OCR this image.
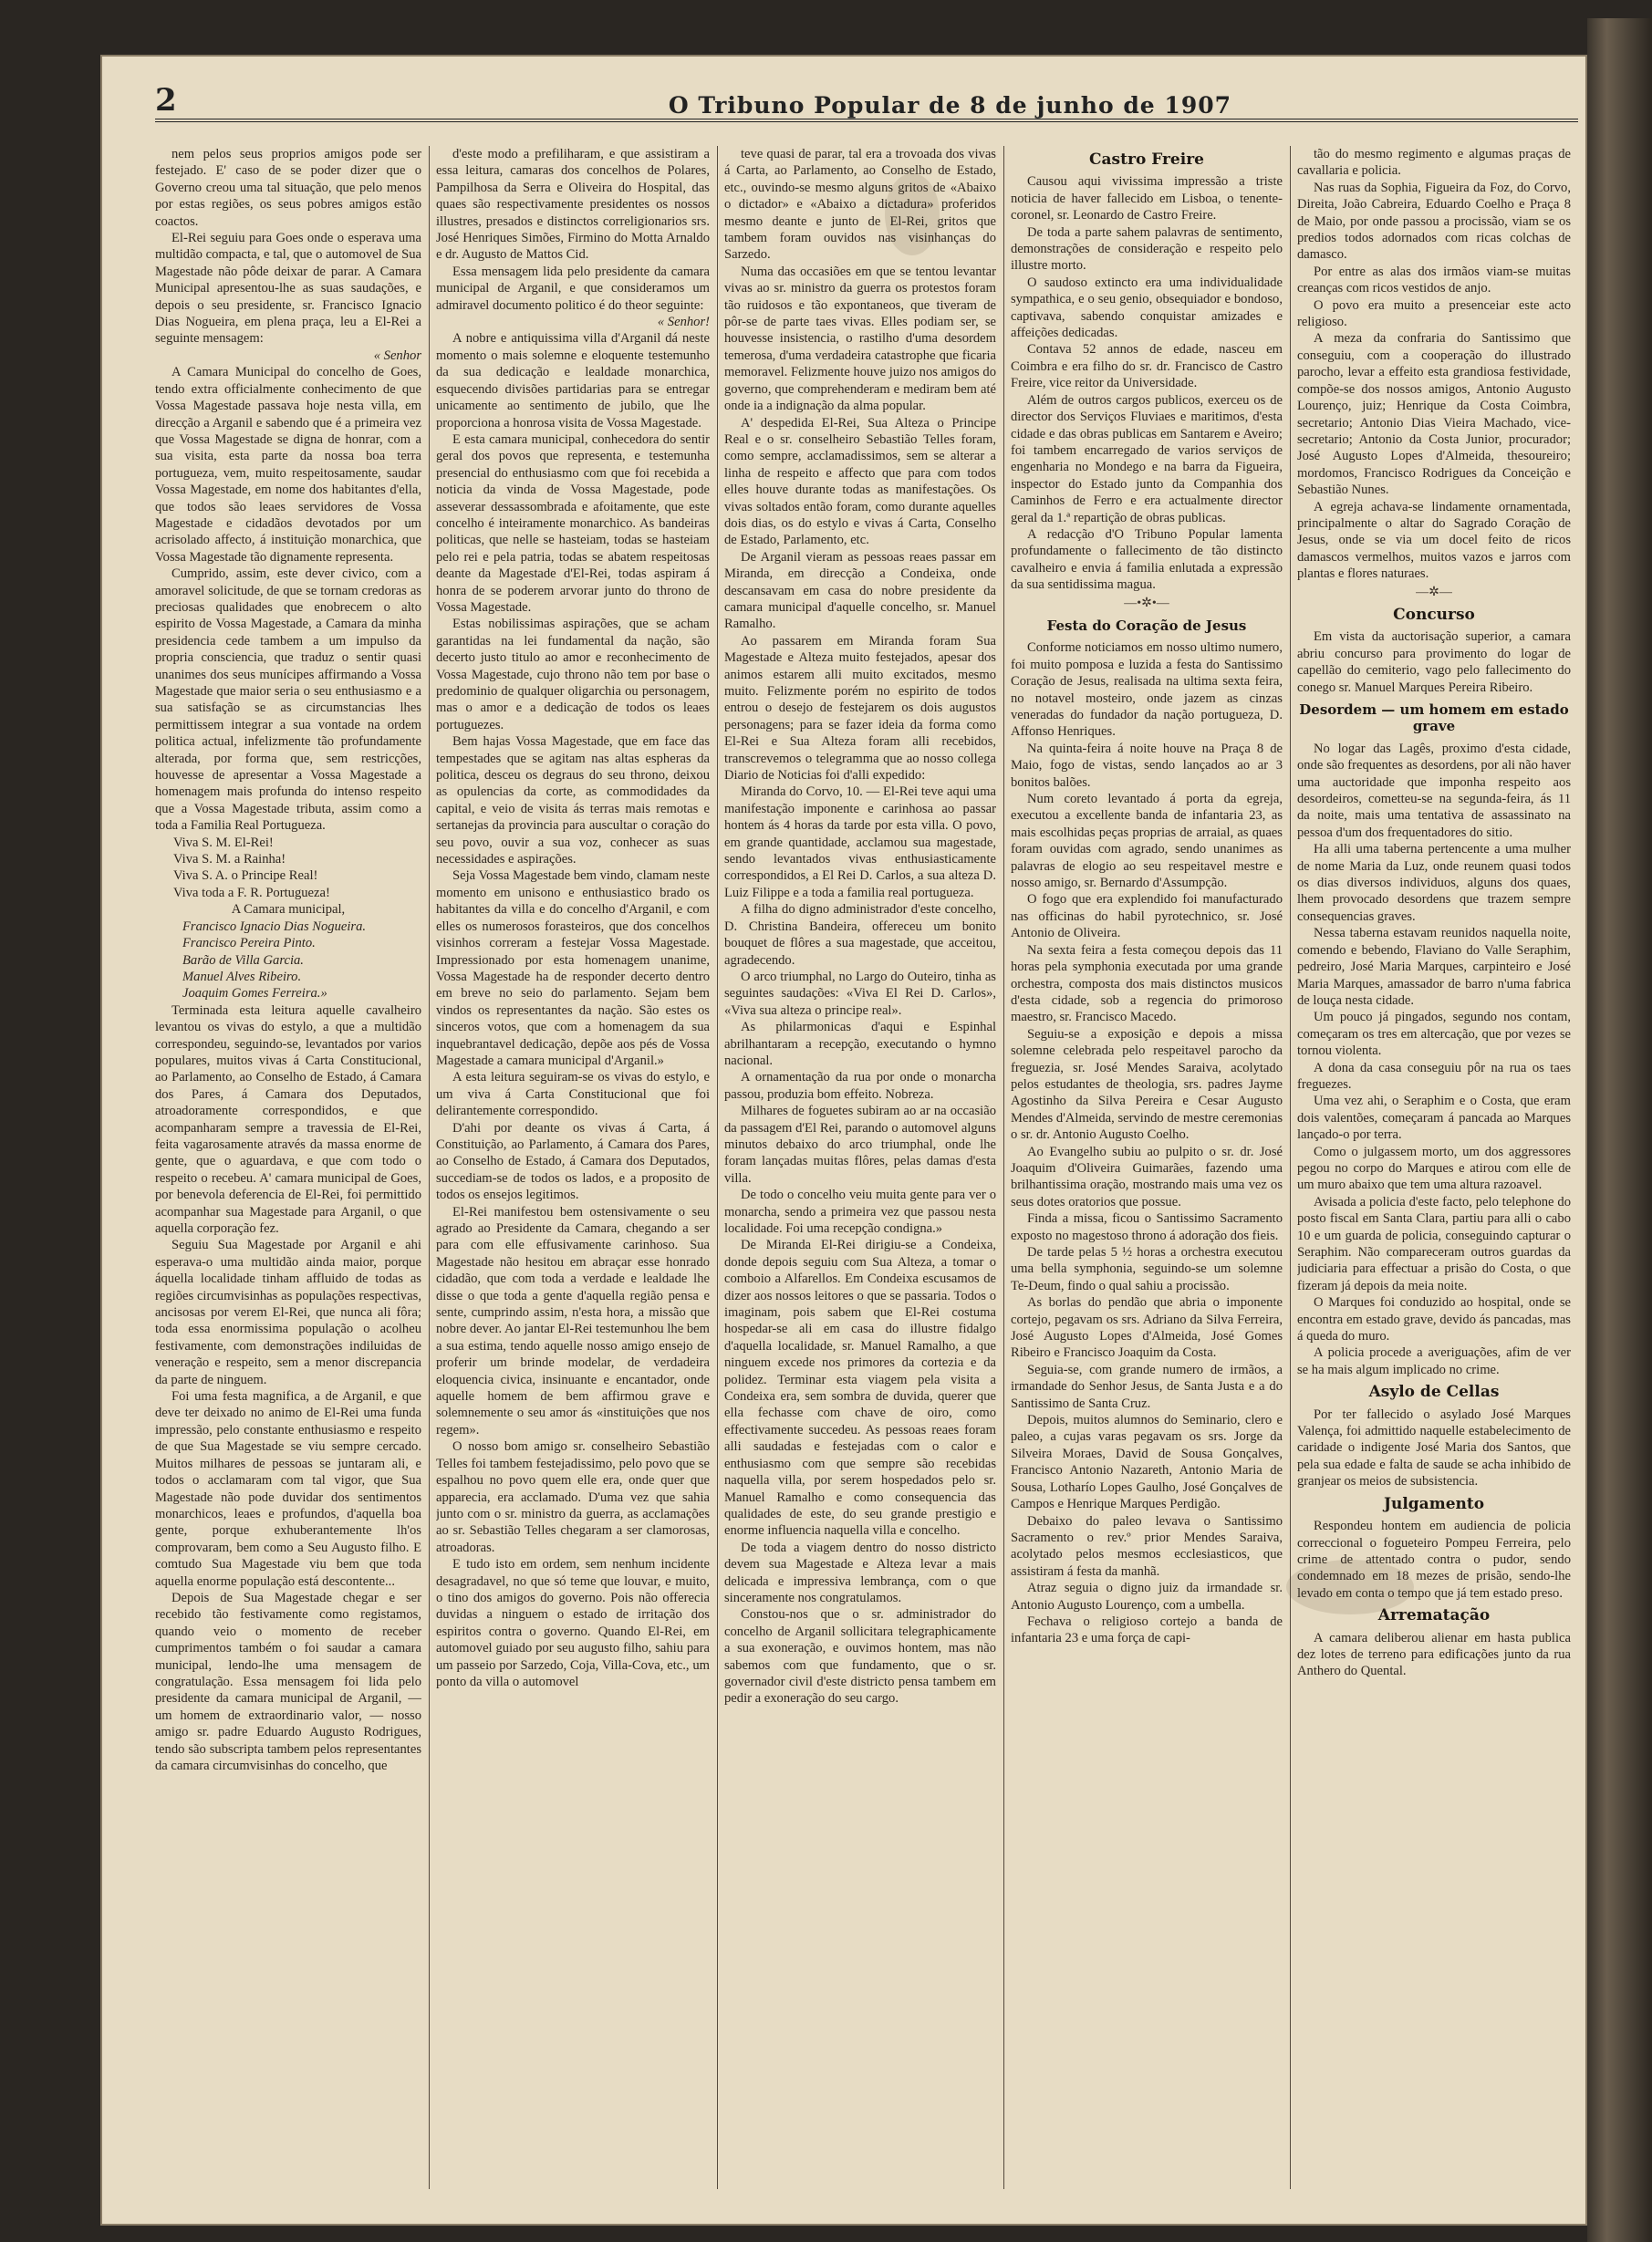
2	O Tribuno Popular de 8 de junho de 1907

nem pelos seus proprios amigos pode ser festejado. E' caso de se poder dizer que o Governo creou uma tal situação, que pelo menos por estas regiões, os seus pobres amigos estão coactos.

El-Rei seguiu para Goes onde o esperava uma multidão compacta, e tal, que o automovel de Sua Magestade não pôde deixar de parar. A Camara Municipal apresentou-lhe as suas saudações, e depois o seu presidente, sr. Francisco Ignacio Dias Nogueira, em plena praça, leu a El-Rei a seguinte mensagem:

« Senhor

A Camara Municipal do concelho de Goes, tendo extra officialmente conhecimento de que Vossa Magestade passava hoje nesta villa, em direcção a Arganil e sabendo que é a primeira vez que Vossa Magestade se digna de honrar, com a sua visita, esta parte da nossa boa terra portugueza, vem, muito respeitosamente, saudar Vossa Magestade, em nome dos habitantes d'ella, que todos são leaes servidores de Vossa Magestade e cidadãos devotados por um acrisolado affecto, á instituição monarchica, que Vossa Magestade tão dignamente representa.

Cumprido, assim, este dever civico, com a amoravel solicitude, de que se tornam credoras as preciosas qualidades que enobrecem o alto espirito de Vossa Magestade, a Camara da minha presidencia cede tambem a um impulso da propria consciencia, que traduz o sentir quasi unanimes dos seus munícipes affirmando a Vossa Magestade que maior seria o seu enthusiasmo e a sua satisfação se as circumstancias lhes permittissem integrar a sua vontade na ordem politica actual, infelizmente tão profundamente alterada, por forma que, sem restricções, houvesse de apresentar a Vossa Magestade a homenagem mais profunda do intenso respeito que a Vossa Magestade tributa, assim como a toda a Familia Real Portugueza.

Viva S. M. El-Rei!

Viva S. M. a Rainha!

Viva S. A. o Principe Real!

Viva toda a F. R. Portugueza!

A Camara municipal,

Francisco Ignacio Dias Nogueira.

Francisco Pereira Pinto.

Barão de Villa Garcia.

Manuel Alves Ribeiro.

Joaquim Gomes Ferreira.»

Terminada esta leitura aquelle cavalheiro levantou os vivas do estylo, a que a multidão correspondeu, seguindo-se, levantados por varios populares, muitos vivas á Carta Constitucional, ao Parlamento, ao Conselho de Estado, á Camara dos Pares, á Camara dos Deputados, atroadoramente correspondidos, e que acompanharam sempre a travessia de El-Rei, feita vagarosamente através da massa enorme de gente, que o aguardava, e que com todo o respeito o recebeu. A' camara municipal de Goes, por benevola deferencia de El-Rei, foi permittido acompanhar sua Magestade para Arganil, o que aquella corporação fez.

Seguiu Sua Magestade por Arganil e ahi esperava-o uma multidão ainda maior, porque áquella localidade tinham affluido de todas as regiões circumvisinhas as populações respectivas, ancisosas por verem El-Rei, que nunca ali fôra; toda essa enormissima população o acolheu festivamente, com demonstrações indiluidas de veneração e respeito, sem a menor discrepancia da parte de ninguem.

Foi uma festa magnifica, a de Arganil, e que deve ter deixado no animo de El-Rei uma funda impressão, pelo constante enthusiasmo e respeito de que Sua Magestade se viu sempre cercado. Muitos milhares de pessoas se juntaram ali, e todos o acclamaram com tal vigor, que Sua Magestade não pode duvidar dos sentimentos monarchicos, leaes e profundos, d'aquella boa gente, porque exhuberantemente lh'os comprovaram, bem como a Seu Augusto filho. E comtudo Sua Magestade viu bem que toda aquella enorme população está descontente...

Depois de Sua Magestade chegar e ser recebido tão festivamente como registamos, quando veio o momento de receber cumprimentos também o foi saudar a camara municipal, lendo-lhe uma mensagem de congratulação. Essa mensagem foi lida pelo presidente da camara municipal de Arganil, — um homem de extraordinario valor, — nosso amigo sr. padre Eduardo Augusto Rodrigues, tendo são subscripta tambem pelos representantes da camara circumvisinhas do concelho, que

d'este modo a prefiliharam, e que assistiram a essa leitura, camaras dos concelhos de Polares, Pampilhosa da Serra e Oliveira do Hospital, das quaes são respectivamente presidentes os nossos illustres, presados e distinctos correligionarios srs. José Henriques Simões, Firmino do Motta Arnaldo e dr. Augusto de Mattos Cid.

Essa mensagem lida pelo presidente da camara municipal de Arganil, e que consideramos um admiravel documento politico é do theor seguinte:

« Senhor!

A nobre e antiquissima villa d'Arganil dá neste momento o mais solemne e eloquente testemunho da sua dedicação e lealdade monarchica, esquecendo divisões partidarias para se entregar unicamente ao sentimento de jubilo, que lhe proporciona a honrosa visita de Vossa Magestade.

E esta camara municipal, conhecedora do sentir geral dos povos que representa, e testemunha presencial do enthusiasmo com que foi recebida a noticia da vinda de Vossa Magestade, pode asseverar dessassombrada e afoitamente, que este concelho é inteiramente monarchico. As bandeiras politicas, que nelle se hasteiam, todas se hasteiam pelo rei e pela patria, todas se abatem respeitosas deante da Magestade d'El-Rei, todas aspiram á honra de se poderem arvorar junto do throno de Vossa Magestade.

Estas nobilissimas aspirações, que se acham garantidas na lei fundamental da nação, são decerto justo titulo ao amor e reconhecimento de Vossa Magestade, cujo throno não tem por base o predominio de qualquer oligarchia ou personagem, mas o amor e a dedicação de todos os leaes portuguezes.

Bem hajas Vossa Magestade, que em face das tempestades que se agitam nas altas espheras da politica, desceu os degraus do seu throno, deixou as opulencias da corte, as commodidades da capital, e veio de visita ás terras mais remotas e sertanejas da provincia para auscultar o coração do seu povo, ouvir a sua voz, conhecer as suas necessidades e aspirações.

Seja Vossa Magestade bem vindo, clamam neste momento em unisono e enthusiastico brado os habitantes da villa e do concelho d'Arganil, e com elles os numerosos forasteiros, que dos concelhos visinhos correram a festejar Vossa Magestade. Impressionado por esta homenagem unanime, Vossa Magestade ha de responder decerto dentro em breve no seio do parlamento. Sejam bem vindos os representantes da nação. São estes os sinceros votos, que com a homenagem da sua inquebrantavel dedicação, depõe aos pés de Vossa Magestade a camara municipal d'Arganil.»

A esta leitura seguiram-se os vivas do estylo, e um viva á Carta Constitucional que foi delirantemente correspondido.

D'ahi por deante os vivas á Carta, á Constituição, ao Parlamento, á Camara dos Pares, ao Conselho de Estado, á Camara dos Deputados, succediam-se de todos os lados, e a proposito de todos os ensejos legitimos.

El-Rei manifestou bem ostensivamente o seu agrado ao Presidente da Camara, chegando a ser para com elle effusivamente carinhoso. Sua Magestade não hesitou em abraçar esse honrado cidadão, que com toda a verdade e lealdade lhe disse o que toda a gente d'aquella região pensa e sente, cumprindo assim, n'esta hora, a missão que nobre dever. Ao jantar El-Rei testemunhou lhe bem a sua estima, tendo aquelle nosso amigo ensejo de proferir um brinde modelar, de verdadeira eloquencia civica, insinuante e encantador, onde aquelle homem de bem affirmou grave e solemnemente o seu amor ás «instituições que nos regem».

O nosso bom amigo sr. conselheiro Sebastião Telles foi tambem festejadissimo, pelo povo que se espalhou no povo quem elle era, onde quer que apparecia, era acclamado. D'uma vez que sahia junto com o sr. ministro da guerra, as acclamações ao sr. Sebastião Telles chegaram a ser clamorosas, atroadoras.

E tudo isto em ordem, sem nenhum incidente desagradavel, no que só teme que louvar, e muito, o tino dos amigos do governo. Pois não offerecia duvidas a ninguem o estado de irritação dos espiritos contra o governo. Quando El-Rei, em automovel guiado por seu augusto filho, sahiu para um passeio por Sarzedo, Coja, Villa-Cova, etc., um ponto da villa o automovel

teve quasi de parar, tal era a trovoada dos vivas á Carta, ao Parlamento, ao Conselho de Estado, etc., ouvindo-se mesmo alguns gritos de «Abaixo o dictador» e «Abaixo a dictadura» proferidos mesmo deante e junto de El-Rei, gritos que tambem foram ouvidos nas visinhanças do Sarzedo.

Numa das occasiões em que se tentou levantar vivas ao sr. ministro da guerra os protestos foram tão ruidosos e tão expontaneos, que tiveram de pôr-se de parte taes vivas. Elles podiam ser, se houvesse insistencia, o rastilho d'uma desordem temerosa, d'uma verdadeira catastrophe que ficaria memoravel. Felizmente houve juizo nos amigos do governo, que comprehenderam e mediram bem até onde ia a indignação da alma popular.

A' despedida El-Rei, Sua Alteza o Principe Real e o sr. conselheiro Sebastião Telles foram, como sempre, acclamadissimos, sem se alterar a linha de respeito e affecto que para com todos elles houve durante todas as manifestações. Os vivas soltados então foram, como durante aquelles dois dias, os do estylo e vivas á Carta, Conselho de Estado, Parlamento, etc.

De Arganil vieram as pessoas reaes passar em Miranda, em direcção a Condeixa, onde descansavam em casa do nobre presidente da camara municipal d'aquelle concelho, sr. Manuel Ramalho.

Ao passarem em Miranda foram Sua Magestade e Alteza muito festejados, apesar dos animos estarem alli muito excitados, mesmo muito. Felizmente porém no espirito de todos entrou o desejo de festejarem os dois augustos personagens; para se fazer ideia da forma como El-Rei e Sua Alteza foram alli recebidos, transcrevemos o telegramma que ao nosso collega Diario de Noticias foi d'alli expedido:

Miranda do Corvo, 10. — El-Rei teve aqui uma manifestação imponente e carinhosa ao passar hontem ás 4 horas da tarde por esta villa. O povo, em grande quantidade, acclamou sua magestade, sendo levantados vivas enthusiasticamente correspondidos, a El Rei D. Carlos, a sua alteza D. Luiz Filippe e a toda a familia real portugueza.

A filha do digno administrador d'este concelho, D. Christina Bandeira, offereceu um bonito bouquet de flôres a sua magestade, que acceitou, agradecendo.

O arco triumphal, no Largo do Outeiro, tinha as seguintes saudações: «Viva El Rei D. Carlos», «Viva sua alteza o principe real».

As philarmonicas d'aqui e Espinhal abrilhantaram a recepção, executando o hymno nacional.

A ornamentação da rua por onde o monarcha passou, produzia bom effeito. Nobreza.

Milhares de foguetes subiram ao ar na occasião da passagem d'El Rei, parando o automovel alguns minutos debaixo do arco triumphal, onde lhe foram lançadas muitas flôres, pelas damas d'esta villa.

De todo o concelho veiu muita gente para ver o monarcha, sendo a primeira vez que passou nesta localidade. Foi uma recepção condigna.»

De Miranda El-Rei dirigiu-se a Condeixa, donde depois seguiu com Sua Alteza, a tomar o comboio a Alfarellos. Em Condeixa escusamos de dizer aos nossos leitores o que se passaria. Todos o imaginam, pois sabem que El-Rei costuma hospedar-se ali em casa do illustre fidalgo d'aquella localidade, sr. Manuel Ramalho, a que ninguem excede nos primores da cortezia e da polidez. Terminar esta viagem pela visita a Condeixa era, sem sombra de duvida, querer que ella fechasse com chave de oiro, como effectivamente succedeu. As pessoas reaes foram alli saudadas e festejadas com o calor e enthusiasmo com que sempre são recebidas naquella villa, por serem hospedados pelo sr. Manuel Ramalho e como consequencia das qualidades de este, do seu grande prestigio e enorme influencia naquella villa e concelho.

De toda a viagem dentro do nosso districto devem sua Magestade e Alteza levar a mais delicada e impressiva lembrança, com o que sinceramente nos congratulamos.

Constou-nos que o sr. administrador do concelho de Arganil sollicitara telegraphicamente a sua exoneração, e ouvimos hontem, mas não sabemos com que fundamento, que o sr. governador civil d'este districto pensa tambem em pedir a exoneração do seu cargo.

Castro Freire

Causou aqui vivissima impressão a triste noticia de haver fallecido em Lisboa, o tenente-coronel, sr. Leonardo de Castro Freire.

De toda a parte sahem palavras de sentimento, demonstrações de consideração e respeito pelo illustre morto.

O saudoso extincto era uma individualidade sympathica, e o seu genio, obsequiador e bondoso, captivava, sabendo conquistar amizades e affeições dedicadas.

Contava 52 annos de edade, nasceu em Coimbra e era filho do sr. dr. Francisco de Castro Freire, vice reitor da Universidade.

Além de outros cargos publicos, exerceu os de director dos Serviços Fluviaes e maritimos, d'esta cidade e das obras publicas em Santarem e Aveiro; foi tambem encarregado de varios serviços de engenharia no Mondego e na barra da Figueira, inspector do Estado junto da Companhia dos Caminhos de Ferro e era actualmente director geral da 1.ª repartição de obras publicas.

A redacção d'O Tribuno Popular lamenta profundamente o fallecimento de tão distincto cavalheiro e envia á familia enlutada a expressão da sua sentidissima magua.

—•✲•—
Festa do Coração de Jesus

Conforme noticiamos em nosso ultimo numero, foi muito pomposa e luzida a festa do Santissimo Coração de Jesus, realisada na ultima sexta feira, no notavel mosteiro, onde jazem as cinzas veneradas do fundador da nação portugueza, D. Affonso Henriques.

Na quinta-feira á noite houve na Praça 8 de Maio, fogo de vistas, sendo lançados ao ar 3 bonitos balões.

Num coreto levantado á porta da egreja, executou a excellente banda de infantaria 23, as mais escolhidas peças proprias de arraial, as quaes foram ouvidas com agrado, sendo unanimes as palavras de elogio ao seu respeitavel mestre e nosso amigo, sr. Bernardo d'Assumpção.

O fogo que era explendido foi manufacturado nas officinas do habil pyrotechnico, sr. José Antonio de Oliveira.

Na sexta feira a festa começou depois das 11 horas pela symphonia executada por uma grande orchestra, composta dos mais distinctos musicos d'esta cidade, sob a regencia do primoroso maestro, sr. Francisco Macedo.

Seguiu-se a exposição e depois a missa solemne celebrada pelo respeitavel parocho da freguezia, sr. José Mendes Saraiva, acolytado pelos estudantes de theologia, srs. padres Jayme Agostinho da Silva Pereira e Cesar Augusto Mendes d'Almeida, servindo de mestre ceremonias o sr. dr. Antonio Augusto Coelho.

Ao Evangelho subiu ao pulpito o sr. dr. José Joaquim d'Oliveira Guimarães, fazendo uma brilhantissima oração, mostrando mais uma vez os seus dotes oratorios que possue.

Finda a missa, ficou o Santissimo Sacramento exposto no magestoso throno á adoração dos fieis.

De tarde pelas 5 ½ horas a orchestra executou uma bella symphonia, seguindo-se um solemne Te-Deum, findo o qual sahiu a procissão.

As borlas do pendão que abria o imponente cortejo, pegavam os srs. Adriano da Silva Ferreira, José Augusto Lopes d'Almeida, José Gomes Ribeiro e Francisco Joaquim da Costa.

Seguia-se, com grande numero de irmãos, a irmandade do Senhor Jesus, de Santa Justa e a do Santissimo de Santa Cruz.

Depois, muitos alumnos do Seminario, clero e paleo, a cujas varas pegavam os srs. Jorge da Silveira Moraes, David de Sousa Gonçalves, Francisco Antonio Nazareth, Antonio Maria de Sousa, Lotharío Lopes Gaulho, José Gonçalves de Campos e Henrique Marques Perdigão.

Debaixo do paleo levava o Santissimo Sacramento o rev.º prior Mendes Saraiva, acolytado pelos mesmos ecclesiasticos, que assistiram á festa da manhã.

Atraz seguia o digno juiz da irmandade sr. Antonio Augusto Lourenço, com a umbella.

Fechava o religioso cortejo a banda de infantaria 23 e uma força de capi-

tão do mesmo regimento e algumas praças de cavallaria e policia.

Nas ruas da Sophia, Figueira da Foz, do Corvo, Direita, João Cabreira, Eduardo Coelho e Praça 8 de Maio, por onde passou a procissão, viam se os predios todos adornados com ricas colchas de damasco.

Por entre as alas dos irmãos viam-se muitas creanças com ricos vestidos de anjo.

O povo era muito a presenceiar este acto religioso.

A meza da confraria do Santissimo que conseguiu, com a cooperação do illustrado parocho, levar a effeito esta grandiosa festividade, compõe-se dos nossos amigos, Antonio Augusto Lourenço, juiz; Henrique da Costa Coimbra, secretario; Antonio Dias Vieira Machado, vice-secretario; Antonio da Costa Junior, procurador; José Augusto Lopes d'Almeida, thesoureiro; mordomos, Francisco Rodrigues da Conceição e Sebastião Nunes.

A egreja achava-se lindamente ornamentada, principalmente o altar do Sagrado Coração de Jesus, onde se via um docel feito de ricos damascos vermelhos, muitos vazos e jarros com plantas e flores naturaes.

—✲—
Concurso

Em vista da auctorisação superior, a camara abriu concurso para provimento do logar de capellão do cemiterio, vago pelo fallecimento do conego sr. Manuel Marques Pereira Ribeiro.

Desordem — um homem em estado grave

No logar das Lagês, proximo d'esta cidade, onde são frequentes as desordens, por ali não haver uma auctoridade que imponha respeito aos desordeiros, cometteu-se na segunda-feira, ás 11 da noite, mais uma tentativa de assassinato na pessoa d'um dos frequentadores do sitio.

Ha alli uma taberna pertencente a uma mulher de nome Maria da Luz, onde reunem quasi todos os dias diversos individuos, alguns dos quaes, lhem provocado desordens que trazem sempre consequencias graves.

Nessa taberna estavam reunidos naquella noite, comendo e bebendo, Flaviano do Valle Seraphim, pedreiro, José Maria Marques, carpinteiro e José Maria Marques, amassador de barro n'uma fabrica de louça nesta cidade.

Um pouco já pingados, segundo nos contam, começaram os tres em altercação, que por vezes se tornou violenta.

A dona da casa conseguiu pôr na rua os taes freguezes.

Uma vez ahi, o Seraphim e o Costa, que eram dois valentões, começaram á pancada ao Marques lançado-o por terra.

Como o julgassem morto, um dos aggressores pegou no corpo do Marques e atirou com elle de um muro abaixo que tem uma altura razoavel.

Avisada a policia d'este facto, pelo telephone do posto fiscal em Santa Clara, partiu para alli o cabo 10 e um guarda de policia, conseguindo capturar o Seraphim. Não compareceram outros guardas da judiciaria para effectuar a prisão do Costa, o que fizeram já depois da meia noite.

O Marques foi conduzido ao hospital, onde se encontra em estado grave, devido ás pancadas, mas á queda do muro.

A policia procede a averiguações, afim de ver se ha mais algum implicado no crime.

Asylo de Cellas

Por ter fallecido o asylado José Marques Valença, foi admittido naquelle estabelecimento de caridade o indigente José Maria dos Santos, que pela sua edade e falta de saude se acha inhibido de granjear os meios de subsistencia.

Julgamento

Respondeu hontem em audiencia de policia correccional o fogueteiro Pompeu Ferreira, pelo crime de attentado contra o pudor, sendo condemnado em 18 mezes de prisão, sendo-lhe levado em conta o tempo que já tem estado preso.

Arrematação

A camara deliberou alienar em hasta publica dez lotes de terreno para edificações junto da rua Anthero do Quental.
